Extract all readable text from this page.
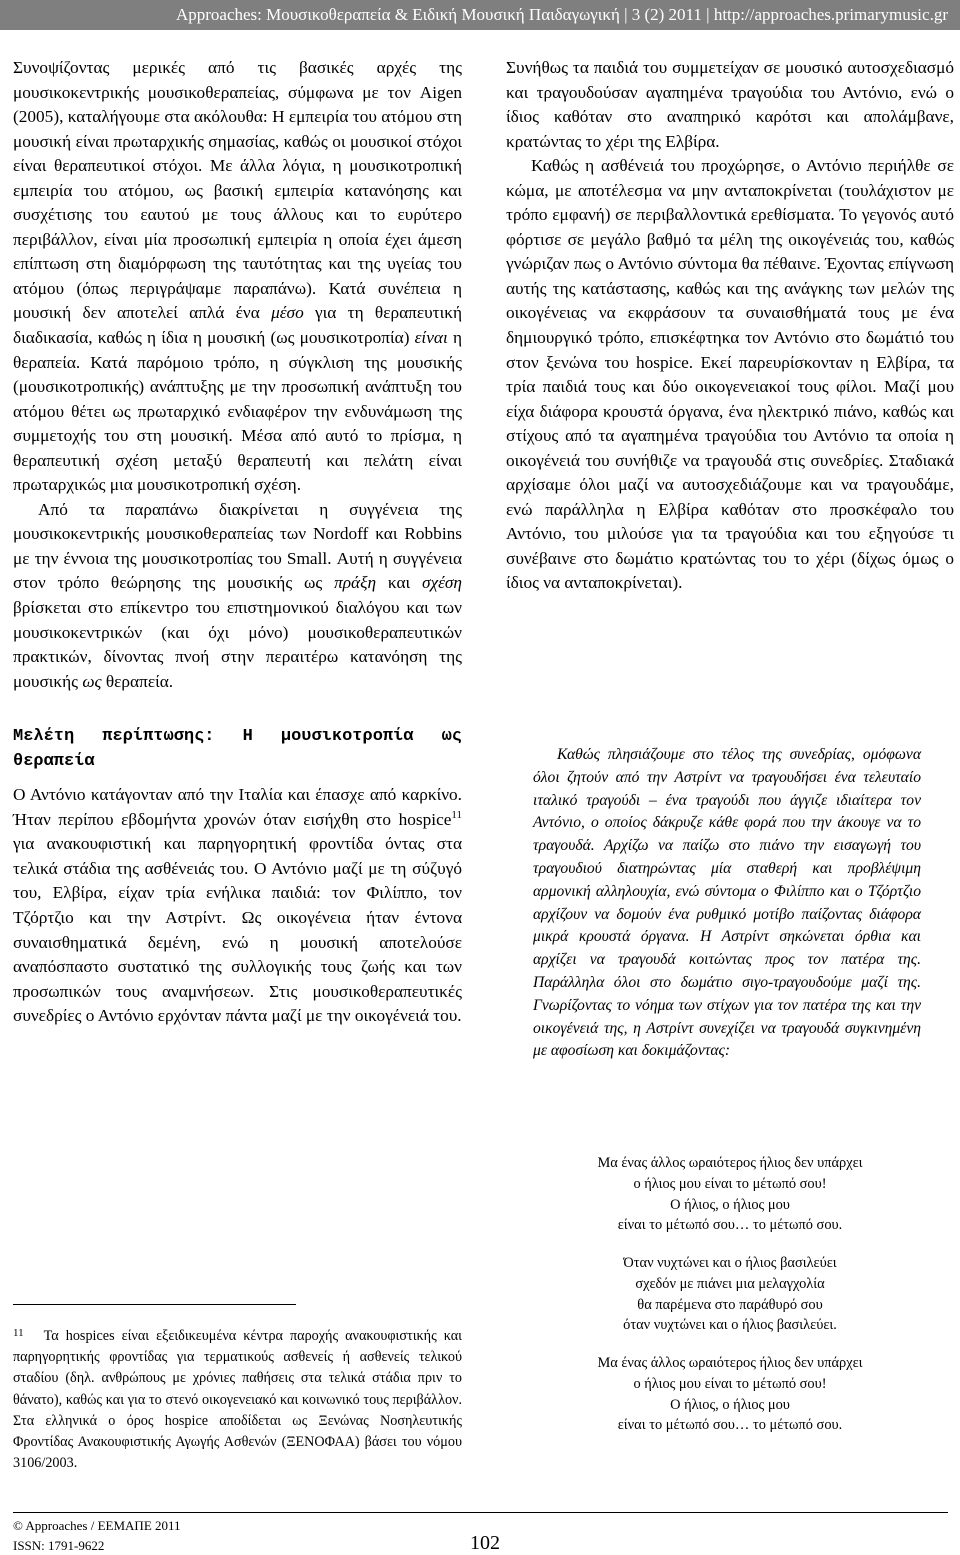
Approaches: Μουσικοθεραπεία & Ειδική Μουσική Παιδαγωγική | 3 (2) 2011 | http://approaches.primarymusic.gr

Συνοψίζοντας μερικές από τις βασικές αρχές της μουσικοκεντρικής μουσικοθεραπείας, σύμφωνα με τον Aigen (2005), καταλήγουμε στα ακόλουθα: Η εμπειρία του ατόμου στη μουσική είναι πρωταρχικής σημασίας, καθώς οι μουσικοί στόχοι είναι θεραπευτικοί στόχοι. Με άλλα λόγια, η μουσικοτροπική εμπειρία του ατόμου, ως βασική εμπειρία κατανόησης και συσχέτισης του εαυτού με τους άλλους και το ευρύτερο περιβάλλον, είναι μία προσωπική εμπειρία η οποία έχει άμεση επίπτωση στη διαμόρφωση της ταυτότητας και της υγείας του ατόμου (όπως περιγράψαμε παραπάνω). Κατά συνέπεια η μουσική δεν αποτελεί απλά ένα μέσο για τη θεραπευτική διαδικασία, καθώς η ίδια η μουσική (ως μουσικοτροπία) είναι η θεραπεία. Κατά παρόμοιο τρόπο, η σύγκλιση της μουσικής (μουσικοτροπικής) ανάπτυξης με την προσωπική ανάπτυξη του ατόμου θέτει ως πρωταρχικό ενδιαφέρον την ενδυνάμωση της συμμετοχής του στη μουσική. Μέσα από αυτό το πρίσμα, η θεραπευτική σχέση μεταξύ θεραπευτή και πελάτη είναι πρωταρχικώς μια μουσικοτροπική σχέση.

Από τα παραπάνω διακρίνεται η συγγένεια της μουσικοκεντρικής μουσικοθεραπείας των Nordoff και Robbins με την έννοια της μουσικοτροπίας του Small. Αυτή η συγγένεια στον τρόπο θεώρησης της μουσικής ως πράξη και σχέση βρίσκεται στο επίκεντρο του επιστημονικού διαλόγου και των μουσικοκεντρικών (και όχι μόνο) μουσικοθεραπευτικών πρακτικών, δίνοντας πνοή στην περαιτέρω κατανόηση της μουσικής ως θεραπεία.

Μελέτη περίπτωσης: Η μουσικοτροπία ως θεραπεία

Ο Αντόνιο κατάγονταν από την Ιταλία και έπασχε από καρκίνο. Ήταν περίπου εβδομήντα χρονών όταν εισήχθη στο hospice$^{11}$ για ανακουφιστική και παρηγορητική φροντίδα όντας στα τελικά στάδια της ασθένειάς του. Ο Αντόνιο μαζί με τη σύζυγό του, Ελβίρα, είχαν τρία ενήλικα παιδιά: τον Φιλίππο, τον Τζόρτζιο και την Αστρίντ. Ως οικογένεια ήταν έντονα συναισθηματικά δεμένη, ενώ η μουσική αποτελούσε αναπόσπαστο συστατικό της συλλογικής τους ζωής και των προσωπικών τους αναμνήσεων. Στις μουσικοθεραπευτικές συνεδρίες ο Αντόνιο ερχόνταν πάντα μαζί με την οικογένειά του.

Συνήθως τα παιδιά του συμμετείχαν σε μουσικό αυτοσχεδιασμό και τραγουδούσαν αγαπημένα τραγούδια του Αντόνιο, ενώ ο ίδιος καθόταν στο αναπηρικό καρότσι και απολάμβανε, κρατώντας το χέρι της Ελβίρα.

Καθώς η ασθένειά του προχώρησε, ο Αντόνιο περιήλθε σε κώμα, με αποτέλεσμα να μην ανταποκρίνεται (τουλάχιστον με τρόπο εμφανή) σε περιβαλλοντικά ερεθίσματα. Το γεγονός αυτό φόρτισε σε μεγάλο βαθμό τα μέλη της οικογένειάς του, καθώς γνώριζαν πως ο Αντόνιο σύντομα θα πέθαινε. Έχοντας επίγνωση αυτής της κατάστασης, καθώς και της ανάγκης των μελών της οικογένειας να εκφράσουν τα συναισθήματά τους με ένα δημιουργικό τρόπο, επισκέφτηκα τον Αντόνιο στο δωμάτιό του στον ξενώνα του hospice. Εκεί παρευρίσκονταν η Ελβίρα, τα τρία παιδιά τους και δύο οικογενειακοί τους φίλοι. Μαζί μου είχα διάφορα κρουστά όργανα, ένα ηλεκτρικό πιάνο, καθώς και στίχους από τα αγαπημένα τραγούδια του Αντόνιο τα οποία η οικογένειά του συνήθιζε να τραγουδά στις συνεδρίες. Σταδιακά αρχίσαμε όλοι μαζί να αυτοσχεδιάζουμε και να τραγουδάμε, ενώ παράλληλα η Ελβίρα καθόταν στο προσκέφαλο του Αντόνιο, του μιλούσε για τα τραγούδια και του εξηγούσε τι συνέβαινε στο δωμάτιο κρατώντας του το χέρι (δίχως όμως ο ίδιος να ανταποκρίνεται).

Καθώς πλησιάζουμε στο τέλος της συνεδρίας, ομόφωνα όλοι ζητούν από την Αστρίντ να τραγουδήσει ένα τελευταίο ιταλικό τραγούδι – ένα τραγούδι που άγγιζε ιδιαίτερα τον Αντόνιο, ο οποίος δάκρυζε κάθε φορά που την άκουγε να το τραγουδά. Αρχίζω να παίζω στο πιάνο την εισαγωγή του τραγουδιού διατηρώντας μία σταθερή και προβλέψιμη αρμονική αλληλουχία, ενώ σύντομα ο Φιλίππο και ο Τζόρτζιο αρχίζουν να δομούν ένα ρυθμικό μοτίβο παίζοντας διάφορα μικρά κρουστά όργανα. Η Αστρίντ σηκώνεται όρθια και αρχίζει να τραγουδά κοιτώντας προς τον πατέρα της. Παράλληλα όλοι στο δωμάτιο σιγο-τραγουδούμε μαζί της. Γνωρίζοντας το νόημα των στίχων για τον πατέρα της και την οικογένειά της, η Αστρίντ συνεχίζει να τραγουδά συγκινημένη με αφοσίωση και δοκιμάζοντας:

Μα ένας άλλος ωραιότερος ήλιος δεν υπάρχει
ο ήλιος μου είναι το μέτωπό σου!
Ο ήλιος, ο ήλιος μου
είναι το μέτωπό σου… το μέτωπό σου.
Όταν νυχτώνει και ο ήλιος βασιλεύει
σχεδόν με πιάνει μια μελαγχολία
θα παρέμενα στο παράθυρό σου
όταν νυχτώνει και ο ήλιος βασιλεύει.
Μα ένας άλλος ωραιότερος ήλιος δεν υπάρχει
ο ήλιος μου είναι το μέτωπό σου!
Ο ήλιος, ο ήλιος μου
είναι το μέτωπό σου… το μέτωπό σου.

$^{11}$ Τα hospices είναι εξειδικευμένα κέντρα παροχής ανακουφιστικής και παρηγορητικής φροντίδας για τερματικούς ασθενείς ή ασθενείς τελικού σταδίου (δηλ. ανθρώπους με χρόνιες παθήσεις στα τελικά στάδια πριν το θάνατο), καθώς και για το στενό οικογενειακό και κοινωνικό τους περιβάλλον. Στα ελληνικά ο όρος hospice αποδίδεται ως Ξενώνας Νοσηλευτικής Φροντίδας Ανακουφιστικής Αγωγής Ασθενών (ΞΕΝΟΦΑΑ) βάσει του νόμου 3106/2003.

© Approaches / ΕΕΜΑΠΕ 2011
ISSN: 1791-9622	102
